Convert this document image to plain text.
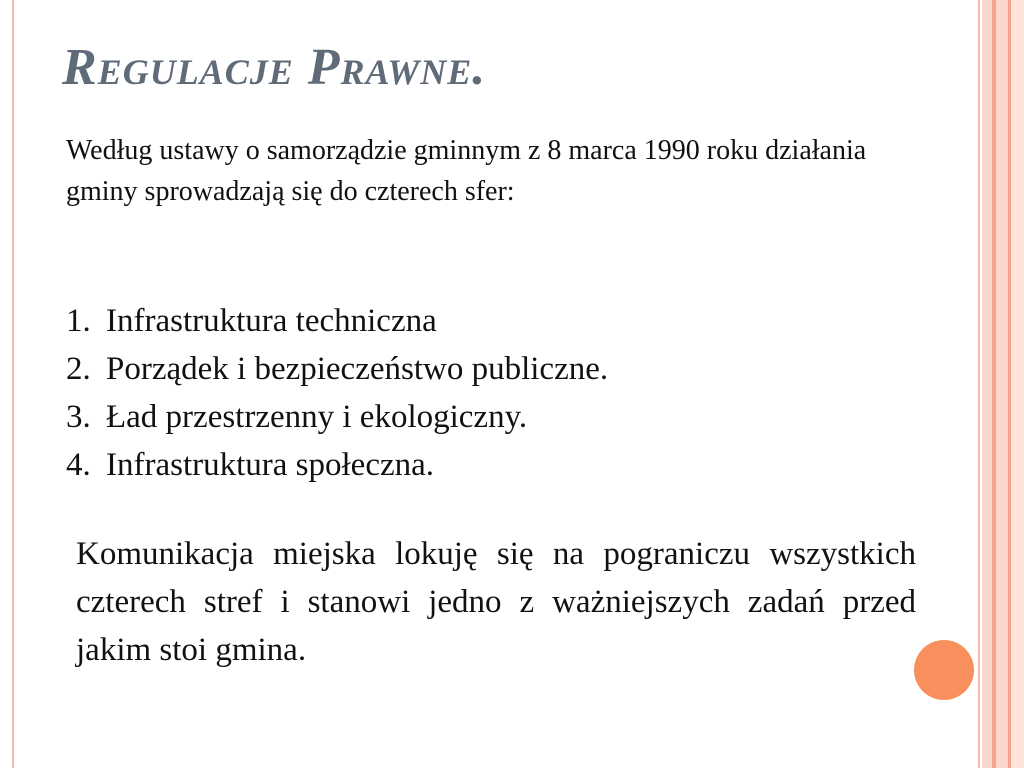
Regulacje Prawne.

Według ustawy o samorządzie gminnym z 8 marca 1990 roku działania gminy sprowadzają się do czterech sfer:

1. Infrastruktura techniczna
2. Porządek i bezpieczeństwo publiczne.
3. Ład przestrzenny i ekologiczny.
4. Infrastruktura społeczna.

Komunikacja miejska lokuję się na pograniczu wszystkich czterech stref i stanowi jedno z ważniejszych zadań przed jakim stoi gmina.
